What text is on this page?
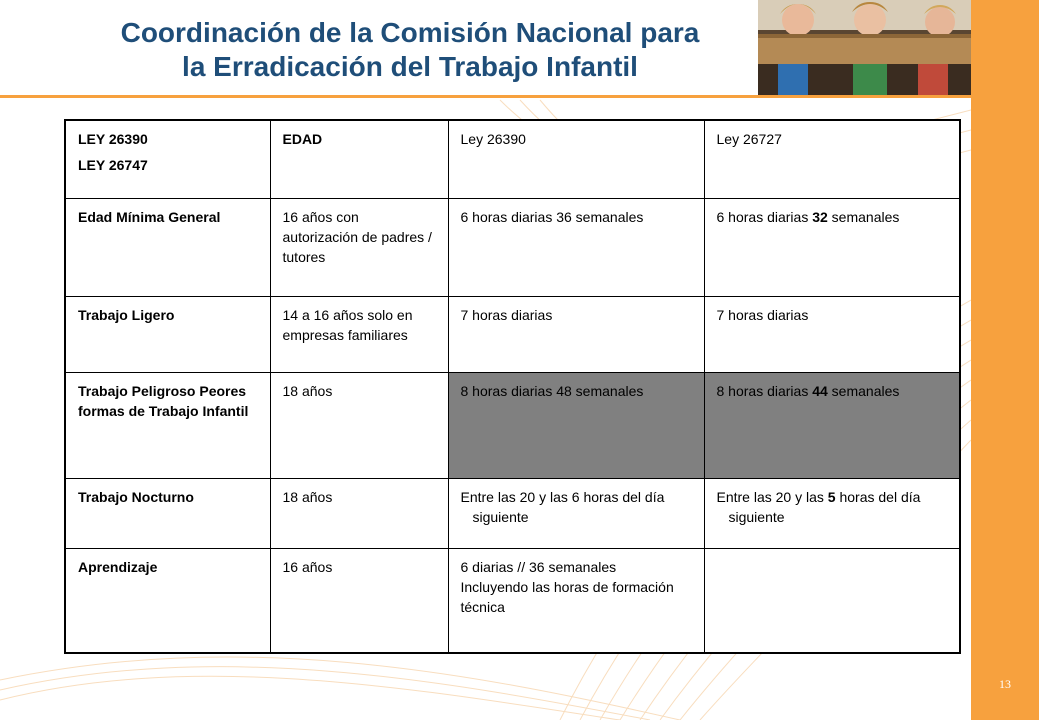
Coordinación de la Comisión Nacional para
la Erradicación del Trabajo Infantil
LEY 26390
LEY 26747	EDAD	Ley 26390	Ley 26727
Edad Mínima General	16 años con autorización de padres / tutores	6 horas diarias 36 semanales	6 horas diarias 32 semanales

Trabajo Ligero	14 a 16 años solo en empresas familiares	7 horas diarias	7 horas diarias
Trabajo Peligroso Peores formas de Trabajo Infantil	18 años	8 horas diarias 48 semanales	8 horas diarias 44 semanales

Trabajo Nocturno	18 años	Entre las 20 y las 6 horas del día siguiente	Entre las 20 y las 5 horas del día siguiente

Aprendizaje	16 años	6 diarias // 36 semanales
Incluyendo las horas de formación técnica	

13
